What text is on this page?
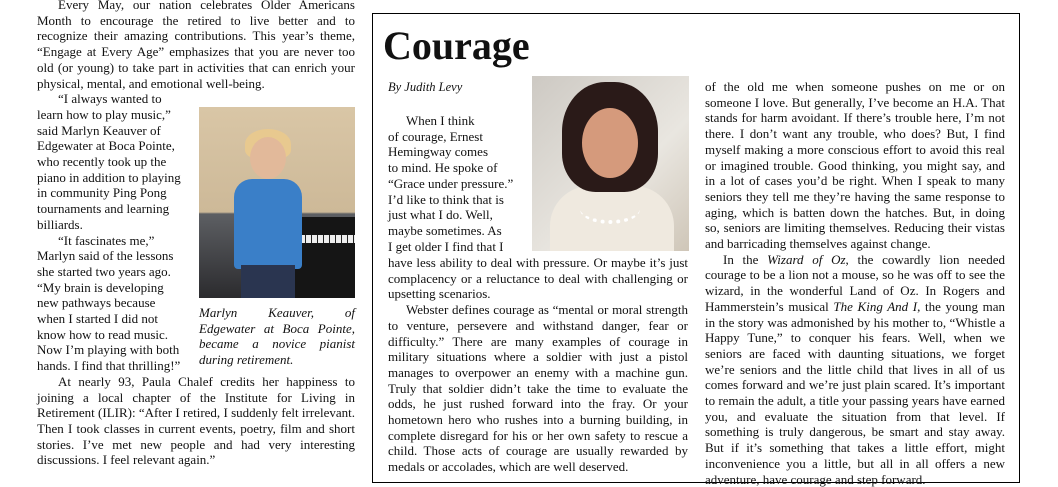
Every May, our nation celebrates Older Americans Month to encourage the retired to live better and to recognize their amazing contributions. This year’s theme, “Engage at Every Age” emphasizes that you are never too old (or young) to take part in activities that can enrich your physical, mental, and emotional well-being.

“I always wanted to
learn how to play music,”
said Marlyn Keauver of
Edgewater at Boca Pointe,
who recently took up the
piano in addition to playing
in community Ping Pong
tournaments and learning
billiards.
“It fascinates me,”
Marlyn said of the lessons
she started two years ago.
“My brain is developing
new pathways because
when I started I did not
know how to read music.
Now I’m playing with both
hands. I find that thrilling!”

At nearly 93, Paula Chalef credits her happiness to joining a local chapter of the Institute for Living in Retirement (ILIR): “After I retired, I suddenly felt irrelevant. Then I took classes in current events, poetry, film and short stories. I’ve met new people and had very interesting discussions. I feel relevant again.”

Marlyn Keauver, of Edgewater at Boca Pointe, became a novice pianist during retirement.
Courage
By Judith Levy
When I think
of courage, Ernest
Hemingway comes
to mind. He spoke of
“Grace under pressure.”
I’d like to think that is
just what I do. Well,
maybe sometimes. As
I get older I find that I

have less ability to deal with pressure. Or maybe it’s just complacency or a reluctance to deal with challenging or upsetting scenarios.

Webster defines courage as “mental or moral strength to venture, persevere and withstand danger, fear or difficulty.” There are many examples of courage in military situations where a soldier with just a pistol manages to overpower an enemy with a machine gun. Truly that soldier didn’t take the time to evaluate the odds, he just rushed forward into the fray. Or your hometown hero who rushes into a burning building, in complete disregard for his or her own safety to rescue a child. Those acts of courage are usually rewarded by medals or accolades, which are well deserved.

of the old me when someone pushes on me or on someone I love. But generally, I’ve become an H.A. That stands for harm avoidant. If there’s trouble here, I’m not there. I don’t want any trouble, who does? But, I find myself making a more conscious effort to avoid this real or imagined trouble. Good thinking, you might say, and in a lot of cases you’d be right. When I speak to many seniors they tell me they’re having the same response to aging, which is batten down the hatches. But, in doing so, seniors are limiting themselves. Reducing their vistas and barricading themselves against change.

In the Wizard of Oz, the cowardly lion needed courage to be a lion not a mouse, so he was off to see the wizard, in the wonderful Land of Oz. In Rogers and Hammerstein’s musical The King And I, the young man in the story was admonished by his mother to, “Whistle a Happy Tune,” to conquer his fears. Well, when we seniors are faced with daunting situations, we forget we’re seniors and the little child that lives in all of us comes forward and we’re just plain scared. It’s important to remain the adult, a title your passing years have earned you, and evaluate the situation from that level. If something is truly dangerous, be smart and stay away. But if it’s something that takes a little effort, might inconvenience you a little, but all in all offers a new adventure, have courage and step forward.
